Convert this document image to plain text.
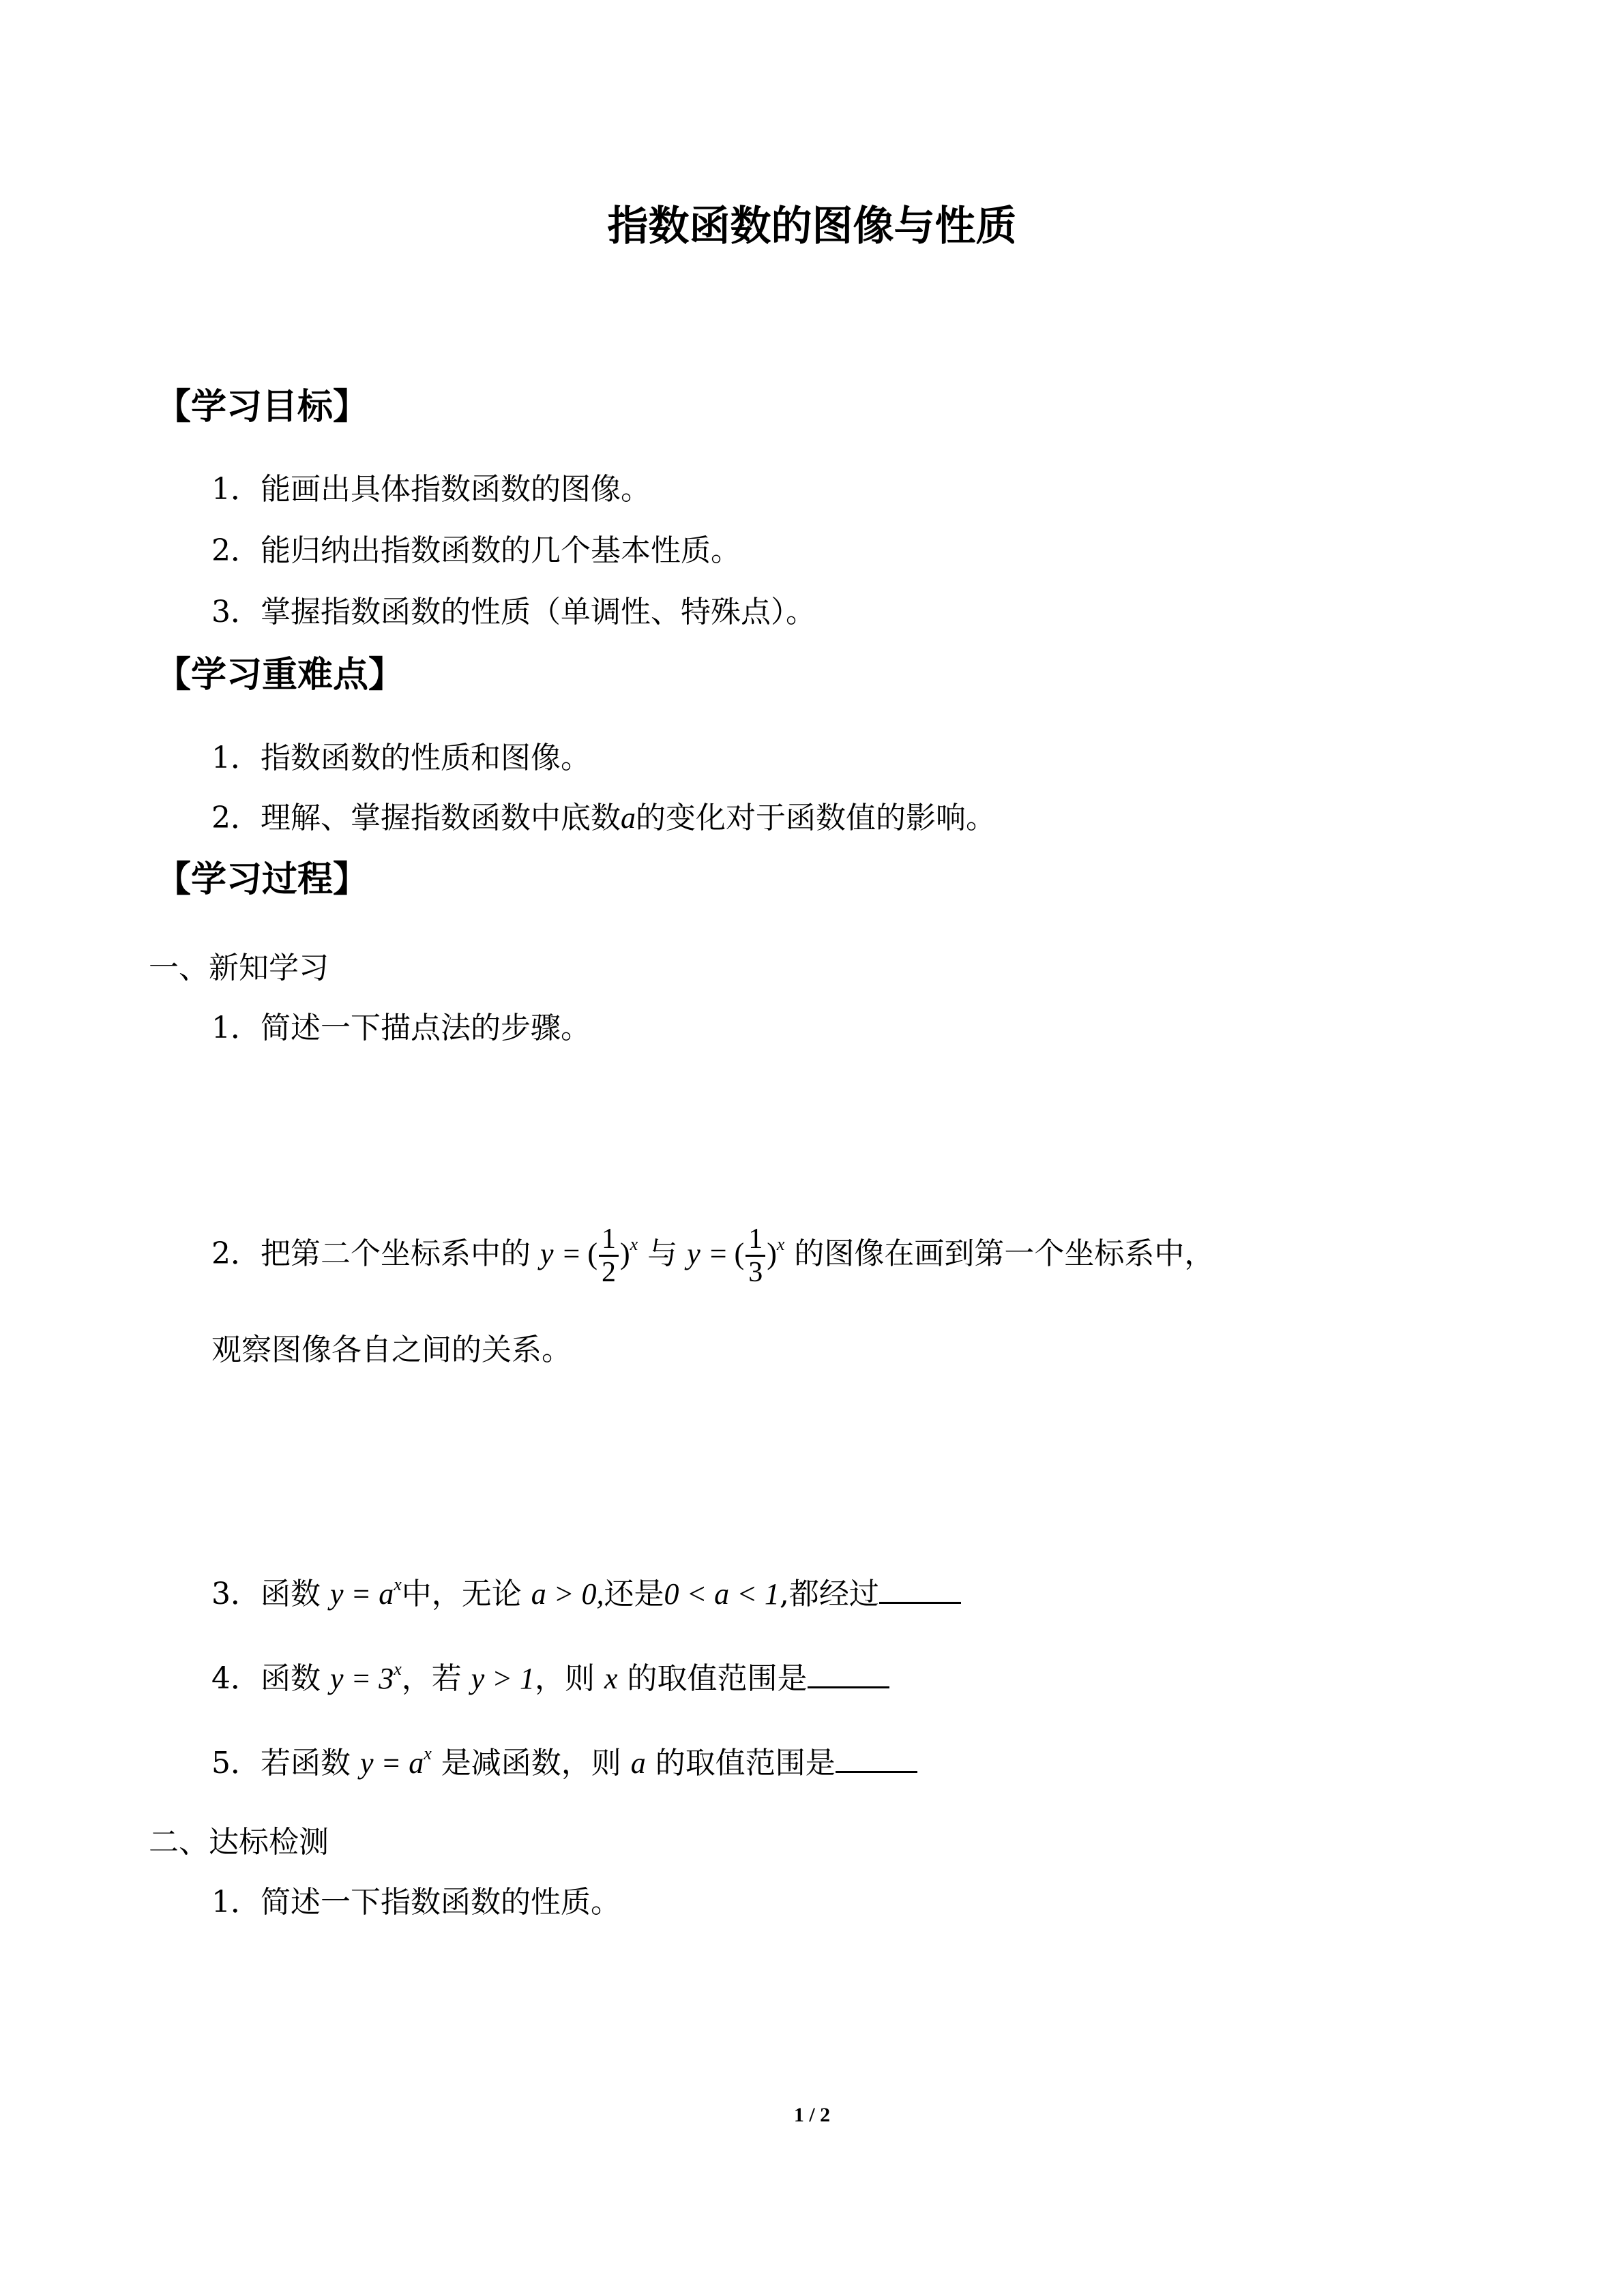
指数函数的图像与性质
【学习目标】
1．能画出具体指数函数的图像。
2．能归纳出指数函数的几个基本性质。
3．掌握指数函数的性质（单调性、特殊点）。
【学习重难点】
1．指数函数的性质和图像。
2．理解、掌握指数函数中底数a的变化对于函数值的影响。
【学习过程】
一、新知学习
1．简述一下描点法的步骤。
2．把第二个坐标系中的 y = ( $\frac{1}{2} )^x$ 与 y = ( $\frac{1}{3} )^x$ 的图像在画到第一个坐标系中，
观察图像各自之间的关系。
3．函数 $y = a^x$中，无论 a > 0,还是0 < a < 1,都经过
4．函数 $y = 3^x$，若 y > 1，则 x 的取值范围是
5．若函数 $y = a^x$ 是减函数，则 a 的取值范围是
二、达标检测
1．简述一下指数函数的性质。
1 / 2
